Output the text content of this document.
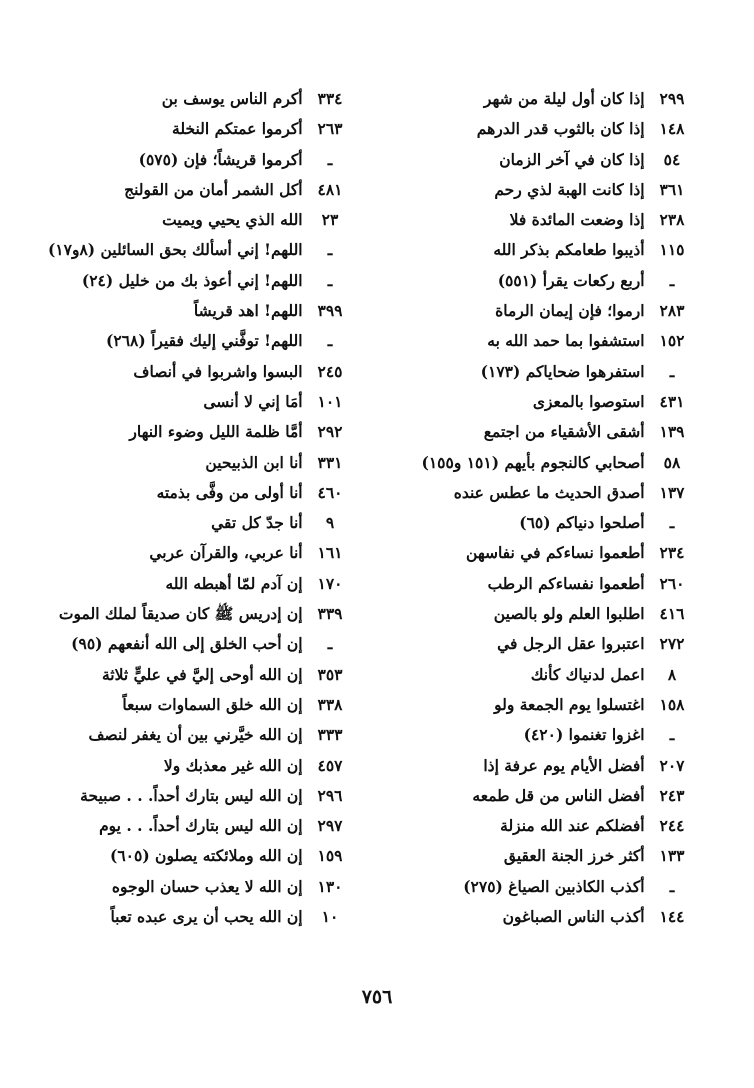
٢٩٩ إذا كان أول ليلة من شهر
١٤٨ إذا كان بالثوب قدر الدرهم
٥٤ إذا كان في آخر الزمان
٣٦١ إذا كانت الهبة لذي رحم
٢٣٨ إذا وضعت المائدة فلا
١١٥ أذيبوا طعامكم بذكر الله
ـ أربع ركعات يقرأ (٥٥١)
٢٨٣ ارموا؛ فإن إيمان الرماة
١٥٢ استشفوا بما حمد الله به
ـ استفرهوا ضحاياكم (١٧٣)
٤٣١ استوصوا بالمعزى
١٣٩ أشقى الأشقياء من اجتمع
٥٨ أصحابي كالنجوم بأيهم (١٥١ و١٥٥)
١٣٧ أصدق الحديث ما عطس عنده
ـ أصلحوا دنياكم (٦٥)
٢٣٤ أطعموا نساءكم في نفاسهن
٢٦٠ أطعموا نفساءكم الرطب
٤١٦ اطلبوا العلم ولو بالصين
٢٧٢ اعتبروا عقل الرجل في
٨ اعمل لدنياك كأنك
١٥٨ اغتسلوا يوم الجمعة ولو
ـ اغزوا تغنموا (٤٢٠)
٢٠٧ أفضل الأيام يوم عرفة إذا
٢٤٣ أفضل الناس من قل طمعه
٢٤٤ أفضلكم عند الله منزلة
١٣٣ أكثر خرز الجنة العقيق
ـ أكذب الكاذبين الصياغ (٢٧٥)
١٤٤ أكذب الناس الصباغون
٣٣٤ أكرم الناس يوسف بن
٢٦٣ أكرموا عمتكم النخلة
ـ أكرموا قريشاً؛ فإن (٥٧٥)
٤٨١ أكل الشمر أمان من القولنج
٢٣ الله الذي يحيي ويميت
ـ اللهم! إني أسألك بحق السائلين (٨و١٧)
ـ اللهم! إني أعوذ بك من خليل (٢٤)
٣٩٩ اللهم! اهد قريشاً
ـ اللهم! توفَّني إليك فقيراً (٢٦٨)
٢٤٥ البسوا واشربوا في أنصاف
١٠١ أمَا إني لا أنسى
٢٩٢ أمَّا ظلمة الليل وضوء النهار
٣٣١ أنا ابن الذبيحين
٤٦٠ أنا أولى من وفَّى بذمته
٩ أنا جدّ كل تقي
١٦١ أنا عربي، والقرآن عربي
١٧٠ إن آدم لمّا أهبطه الله
٣٣٩ إن إدريس ﷺ كان صديقاً لملك الموت
ـ إن أحب الخلق إلى الله أنفعهم (٩٥)
٣٥٣ إن الله أوحى إليَّ في عليٍّ ثلاثة
٣٣٨ إن الله خلق السماوات سبعاً
٣٣٣ إن الله خيَّرني بين أن يغفر لنصف
٤٥٧ إن الله غير معذبك ولا
٢٩٦ إن الله ليس بتارك أحداً. . . صبيحة
٢٩٧ إن الله ليس بتارك أحداً. . . يوم
١٥٩ إن الله وملائكته يصلون (٦٠٥)
١٣٠ إن الله لا يعذب حسان الوجوه
١٠ إن الله يحب أن يرى عبده تعباً
٧٥٦
